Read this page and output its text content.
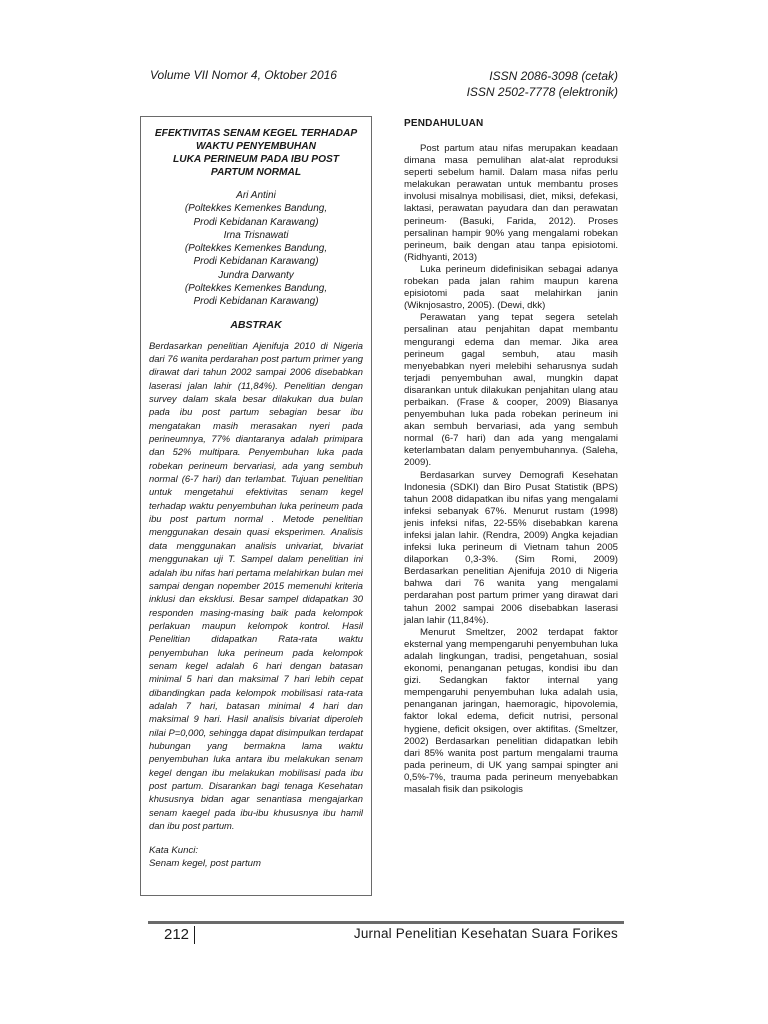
Volume VII Nomor 4, Oktober 2016	ISSN 2086-3098 (cetak)
ISSN 2502-7778 (elektronik)
EFEKTIVITAS SENAM KEGEL TERHADAP
WAKTU PENYEMBUHAN
LUKA PERINEUM PADA IBU POST
PARTUM NORMAL
Ari Antini
(Poltekkes Kemenkes Bandung,
Prodi Kebidanan Karawang)
Irna Trisnawati
(Poltekkes Kemenkes Bandung,
Prodi Kebidanan Karawang)
Jundra Darwanty
(Poltekkes Kemenkes Bandung,
Prodi Kebidanan Karawang)
ABSTRAK

Berdasarkan penelitian Ajenifuja 2010 di Nigeria dari 76 wanita perdarahan post partum primer yang dirawat dari tahun 2002 sampai 2006 disebabkan laserasi jalan lahir (11,84%). Penelitian dengan survey dalam skala besar dilakukan dua bulan pada ibu post partum sebagian besar ibu mengatakan masih merasakan nyeri pada perineumnya, 77% diantaranya adalah primipara dan 52% multipara. Penyembuhan luka pada robekan perineum bervariasi, ada yang sembuh normal (6-7 hari) dan terlambat. Tujuan penelitian untuk mengetahui efektivitas senam kegel terhadap waktu penyembuhan luka perineum pada ibu post partum normal . Metode penelitian menggunakan desain quasi eksperimen. Analisis data menggunakan analisis univariat, bivariat menggunakan uji T. Sampel dalam penelitian ini adalah ibu nifas hari pertama melahirkan bulan mei sampai dengan nopember 2015 memenuhi kriteria inklusi dan eksklusi. Besar sampel didapatkan 30 responden masing-masing baik pada kelompok perlakuan maupun kelompok kontrol. Hasil Penelitian didapatkan Rata-rata waktu penyembuhan luka perineum pada kelompok senam kegel adalah 6 hari dengan batasan minimal 5 hari dan maksimal 7 hari lebih cepat dibandingkan pada kelompok mobilisasi rata-rata adalah 7 hari, batasan minimal 4 hari dan maksimal 9 hari. Hasil analisis bivariat diperoleh nilai P=0,000, sehingga dapat disimpulkan terdapat hubungan yang bermakna lama waktu penyembuhan luka antara ibu melakukan senam kegel dengan ibu melakukan mobilisasi pada ibu post partum. Disarankan bagi tenaga Kesehatan khususnya bidan agar senantiasa mengajarkan senam kaegel pada ibu-ibu khususnya ibu hamil dan ibu post partum.

Kata Kunci:
Senam kegel, post partum
PENDAHULUAN

Post partum atau nifas merupakan keadaan dimana masa pemulihan alat-alat reproduksi seperti sebelum hamil. Dalam masa nifas perlu melakukan perawatan untuk membantu proses involusi misalnya mobilisasi, diet, miksi, defekasi, laktasi, perawatan payudara dan dan perawatan perineum· (Basuki, Farida, 2012). Proses persalinan hampir 90% yang mengalami robekan perineum, baik dengan atau tanpa episiotomi. (Ridhyanti, 2013)

Luka perineum didefinisikan sebagai adanya robekan pada jalan rahim maupun karena episiotomi pada saat melahirkan janin (Wiknjosastro, 2005). (Dewi, dkk)

Perawatan yang tepat segera setelah persalinan atau penjahitan dapat membantu mengurangi edema dan memar. Jika area perineum gagal sembuh, atau masih menyebabkan nyeri melebihi seharusnya sudah terjadi penyembuhan awal, mungkin dapat disarankan untuk dilakukan penjahitan ulang atau perbaikan. (Frase & cooper, 2009) Biasanya penyembuhan luka pada robekan perineum ini akan sembuh bervariasi, ada yang sembuh normal (6-7 hari) dan ada yang mengalami keterlambatan dalam penyembuhannya. (Saleha, 2009).

Berdasarkan survey Demografi Kesehatan Indonesia (SDKI) dan Biro Pusat Statistik (BPS) tahun 2008 didapatkan ibu nifas yang mengalami infeksi sebanyak 67%. Menurut rustam (1998) jenis infeksi nifas, 22-55% disebabkan karena infeksi jalan lahir. (Rendra, 2009) Angka kejadian infeksi luka perineum di Vietnam tahun 2005 dilaporkan 0,3-3%. (Sim Romi, 2009) Berdasarkan penelitian Ajenifuja 2010 di Nigeria bahwa dari 76 wanita yang mengalami perdarahan post partum primer yang dirawat dari tahun 2002 sampai 2006 disebabkan laserasi jalan lahir (11,84%).

Menurut Smeltzer, 2002 terdapat faktor eksternal yang mempengaruhi penyembuhan luka adalah lingkungan, tradisi, pengetahuan, sosial ekonomi, penanganan petugas, kondisi ibu dan gizi. Sedangkan faktor internal yang mempengaruhi penyembuhan luka adalah usia, penanganan jaringan, haemoragic, hipovolemia, faktor lokal edema, deficit nutrisi, personal hygiene, deficit oksigen, over aktifitas. (Smeltzer, 2002) Berdasarkan penelitian didapatkan lebih dari 85% wanita post partum mengalami trauma pada perineum, di UK yang sampai spingter ani 0,5%-7%, trauma pada perineum menyebabkan masalah fisik dan psikologis

212	Jurnal Penelitian Kesehatan Suara Forikes
